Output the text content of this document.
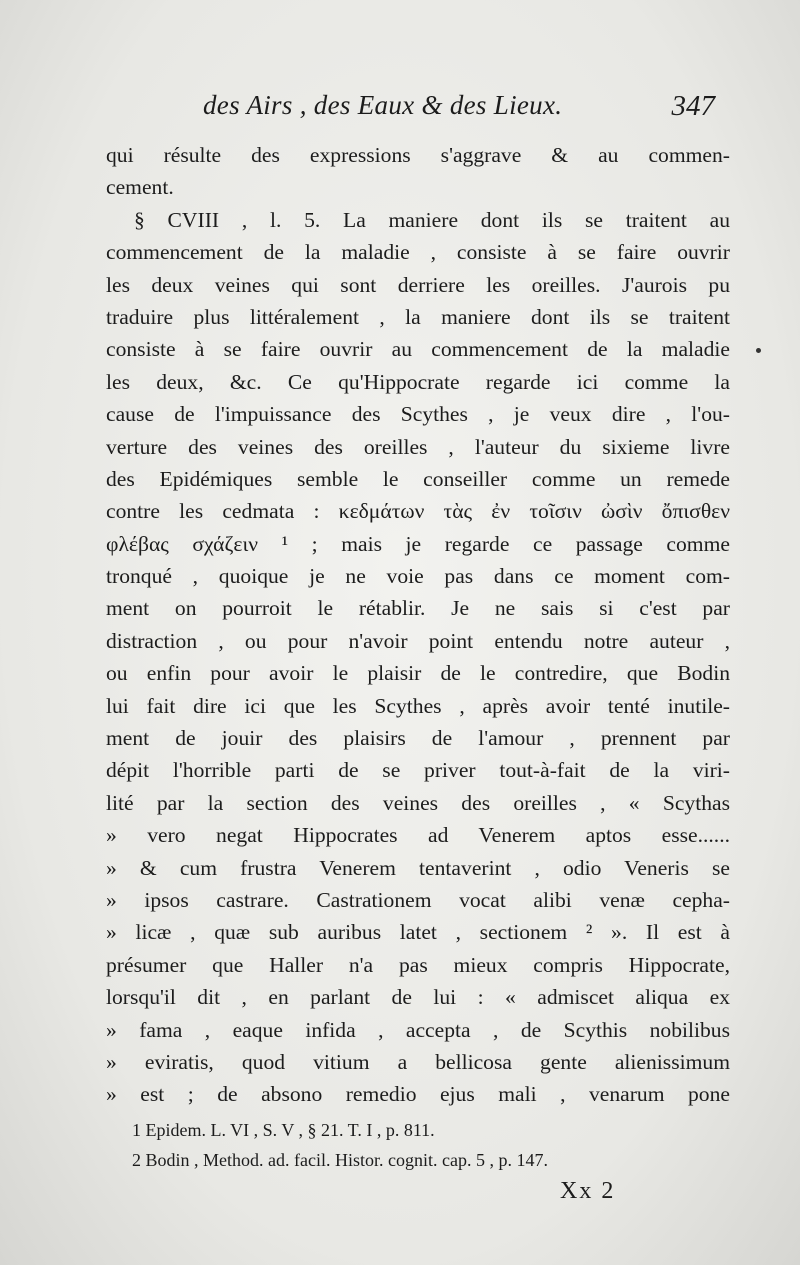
des Airs , des Eaux & des Lieux.	347
qui résulte des expressions s'aggrave & au commen-
cement.
§ CVIII , l. 5. La maniere dont ils se traitent au
commencement de la maladie , consiste à se faire ouvrir
les deux veines qui sont derriere les oreilles. J'aurois pu
traduire plus littéralement , la maniere dont ils se traitent
consiste à se faire ouvrir au commencement de la maladie
les deux, &c. Ce qu'Hippocrate regarde ici comme la
cause de l'impuissance des Scythes , je veux dire , l'ou-
verture des veines des oreilles , l'auteur du sixieme livre
des Epidémiques semble le conseiller comme un remede
contre les cedmata : κεδμάτων τὰς ἐν τοῖσιν ὠσὶν ὄπισθεν
φλέβας σχάζειν ¹ ; mais je regarde ce passage comme
tronqué , quoique je ne voie pas dans ce moment com-
ment on pourroit le rétablir. Je ne sais si c'est par
distraction , ou pour n'avoir point entendu notre auteur ,
ou enfin pour avoir le plaisir de le contredire, que Bodin
lui fait dire ici que les Scythes , après avoir tenté inutile-
ment de jouir des plaisirs de l'amour , prennent par
dépit l'horrible parti de se priver tout-à-fait de la viri-
lité par la section des veines des oreilles , « Scythas
» vero negat Hippocrates ad Venerem aptos esse......
» & cum frustra Venerem tentaverint , odio Veneris se
» ipsos castrare. Castrationem vocat alibi venæ cepha-
» licæ , quæ sub auribus latet , sectionem ² ». Il est à
présumer que Haller n'a pas mieux compris Hippocrate,
lorsqu'il dit , en parlant de lui : « admiscet aliqua ex
» fama , eaque infida , accepta , de Scythis nobilibus
» eviratis, quod vitium a bellicosa gente alienissimum
» est ; de absono remedio ejus mali , venarum pone
1 Epidem. L. VI , S. V , § 21. T. I , p. 811.
2 Bodin , Method. ad. facil. Histor. cognit. cap. 5 , p. 147.
Xx 2
